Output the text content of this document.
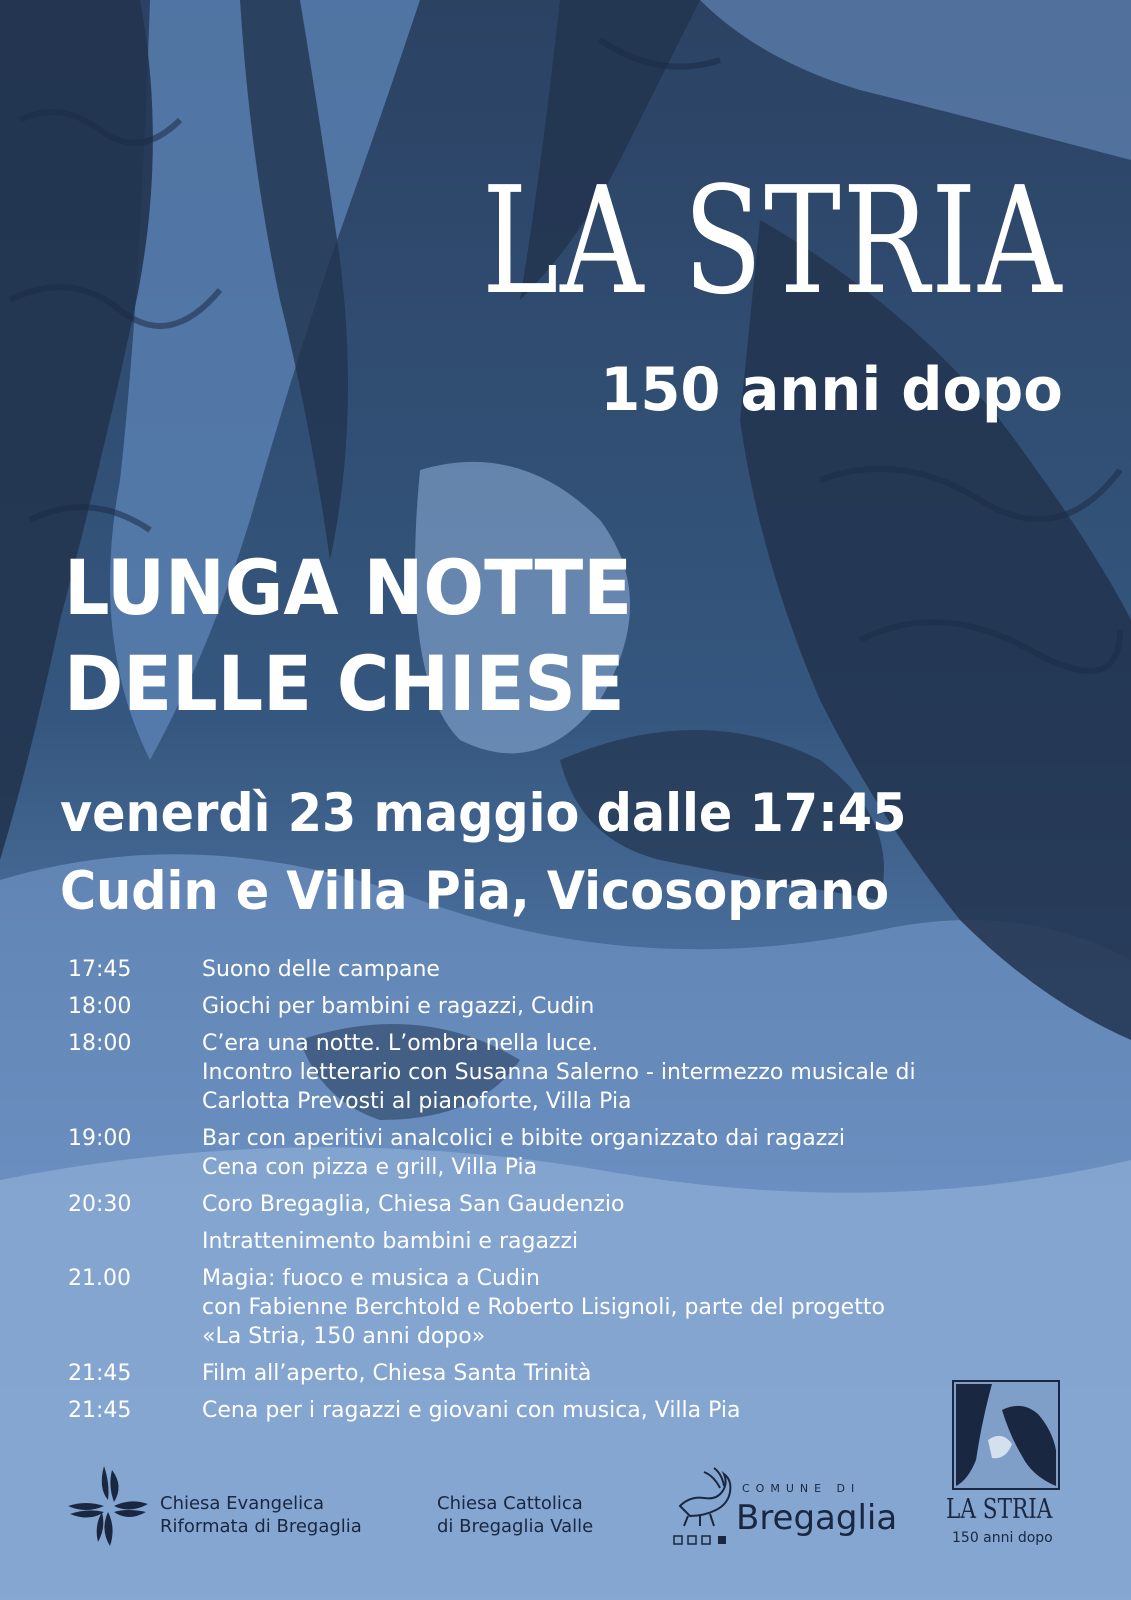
LA STRIA
150 anni dopo
LUNGA NOTTE
DELLE CHIESE
venerdì 23 maggio dalle 17:45
Cudin e Villa Pia, Vicosoprano
17:45	Suono delle campane
18:00	Giochi per bambini e ragazzi, Cudin
18:00	C’era una notte. L’ombra nella luce.
Incontro letterario con Susanna Salerno - intermezzo musicale di
Carlotta Prevosti al pianoforte, Villa Pia
19:00	Bar con aperitivi analcolici e bibite organizzato dai ragazzi
Cena con pizza e grill, Villa Pia
20:30	Coro Bregaglia, Chiesa San Gaudenzio
Intrattenimento bambini e ragazzi
21.00	Magia: fuoco e musica a Cudin
con Fabienne Berchtold e Roberto Lisignoli, parte del progetto
«La Stria, 150 anni dopo»
21:45	Film all’aperto, Chiesa Santa Trinità
21:45	Cena per i ragazzi e giovani con musica, Villa Pia
Chiesa Evangelica
Riformata di Bregaglia
Chiesa Cattolica
di Bregaglia Valle
COMUNE DI
Bregaglia LA STRIA
150 anni dopo
